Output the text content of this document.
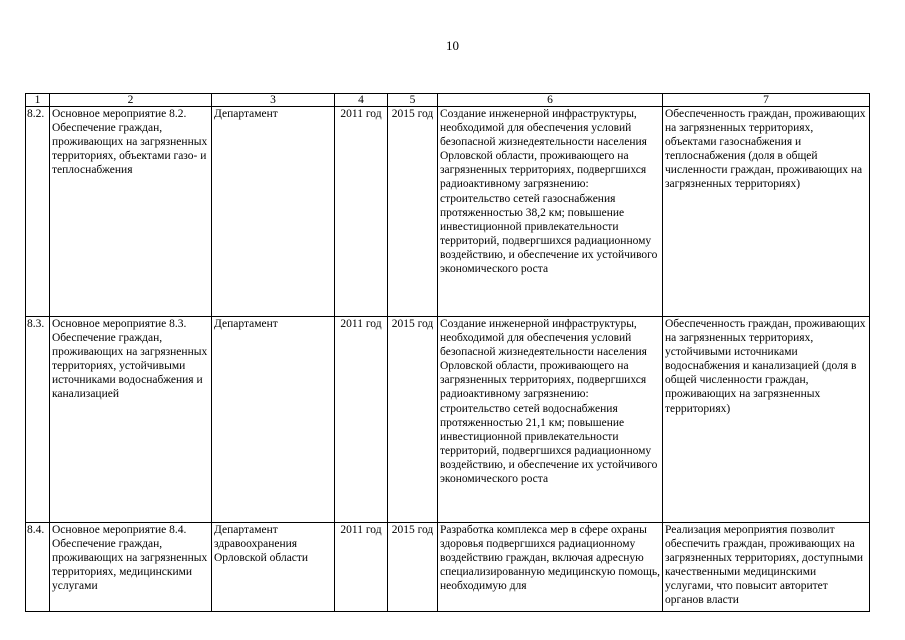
10
1	2	3	4	5	6	7
8.2.	Основное мероприятие 8.2. Обеспечение граждан, проживающих на загрязненных территориях, объектами газо- и теплоснабжения	Департамент	2011 год	2015 год	Создание инженерной инфраструктуры, необходимой для обеспечения условий безопасной жизнедеятельности населения Орловской области, проживающего на загрязненных территориях, подвергшихся радиоактивному загрязнению: строительство сетей газоснабжения протяженностью 38,2 км; повышение инвестиционной привлекательности территорий, подвергшихся радиационному воздействию, и обеспечение их устойчивого экономического роста	Обеспеченность граждан, проживающих на загрязненных территориях, объектами газоснабжения и теплоснабжения (доля в общей численности граждан, проживающих на загрязненных территориях)
8.3.	Основное мероприятие 8.3. Обеспечение граждан, проживающих на загрязненных территориях, устойчивыми источниками водоснабжения и канализацией	Департамент	2011 год	2015 год	Создание инженерной инфраструктуры, необходимой для обеспечения условий безопасной жизнедеятельности населения Орловской области, проживающего на загрязненных территориях, подвергшихся радиоактивному загрязнению: строительство сетей водоснабжения протяженностью 21,1 км; повышение инвестиционной привлекательности территорий, подвергшихся радиационному воздействию, и обеспечение их устойчивого экономического роста	Обеспеченность граждан, проживающих на загрязненных территориях, устойчивыми источниками водоснабжения и канализацией (доля в общей численности граждан, проживающих на загрязненных территориях)
8.4.	Основное мероприятие 8.4. Обеспечение граждан, проживающих на загрязненных территориях, медицинскими услугами	Департамент здравоохранения Орловской области	2011 год	2015 год	Разработка комплекса мер в сфере охраны здоровья подвергшихся радиационному воздействию граждан, включая адресную специализированную медицинскую помощь, необходимую для	Реализация мероприятия позволит обеспечить граждан, проживающих на загрязненных территориях, доступными качественными медицинскими услугами, что повысит авторитет органов власти
